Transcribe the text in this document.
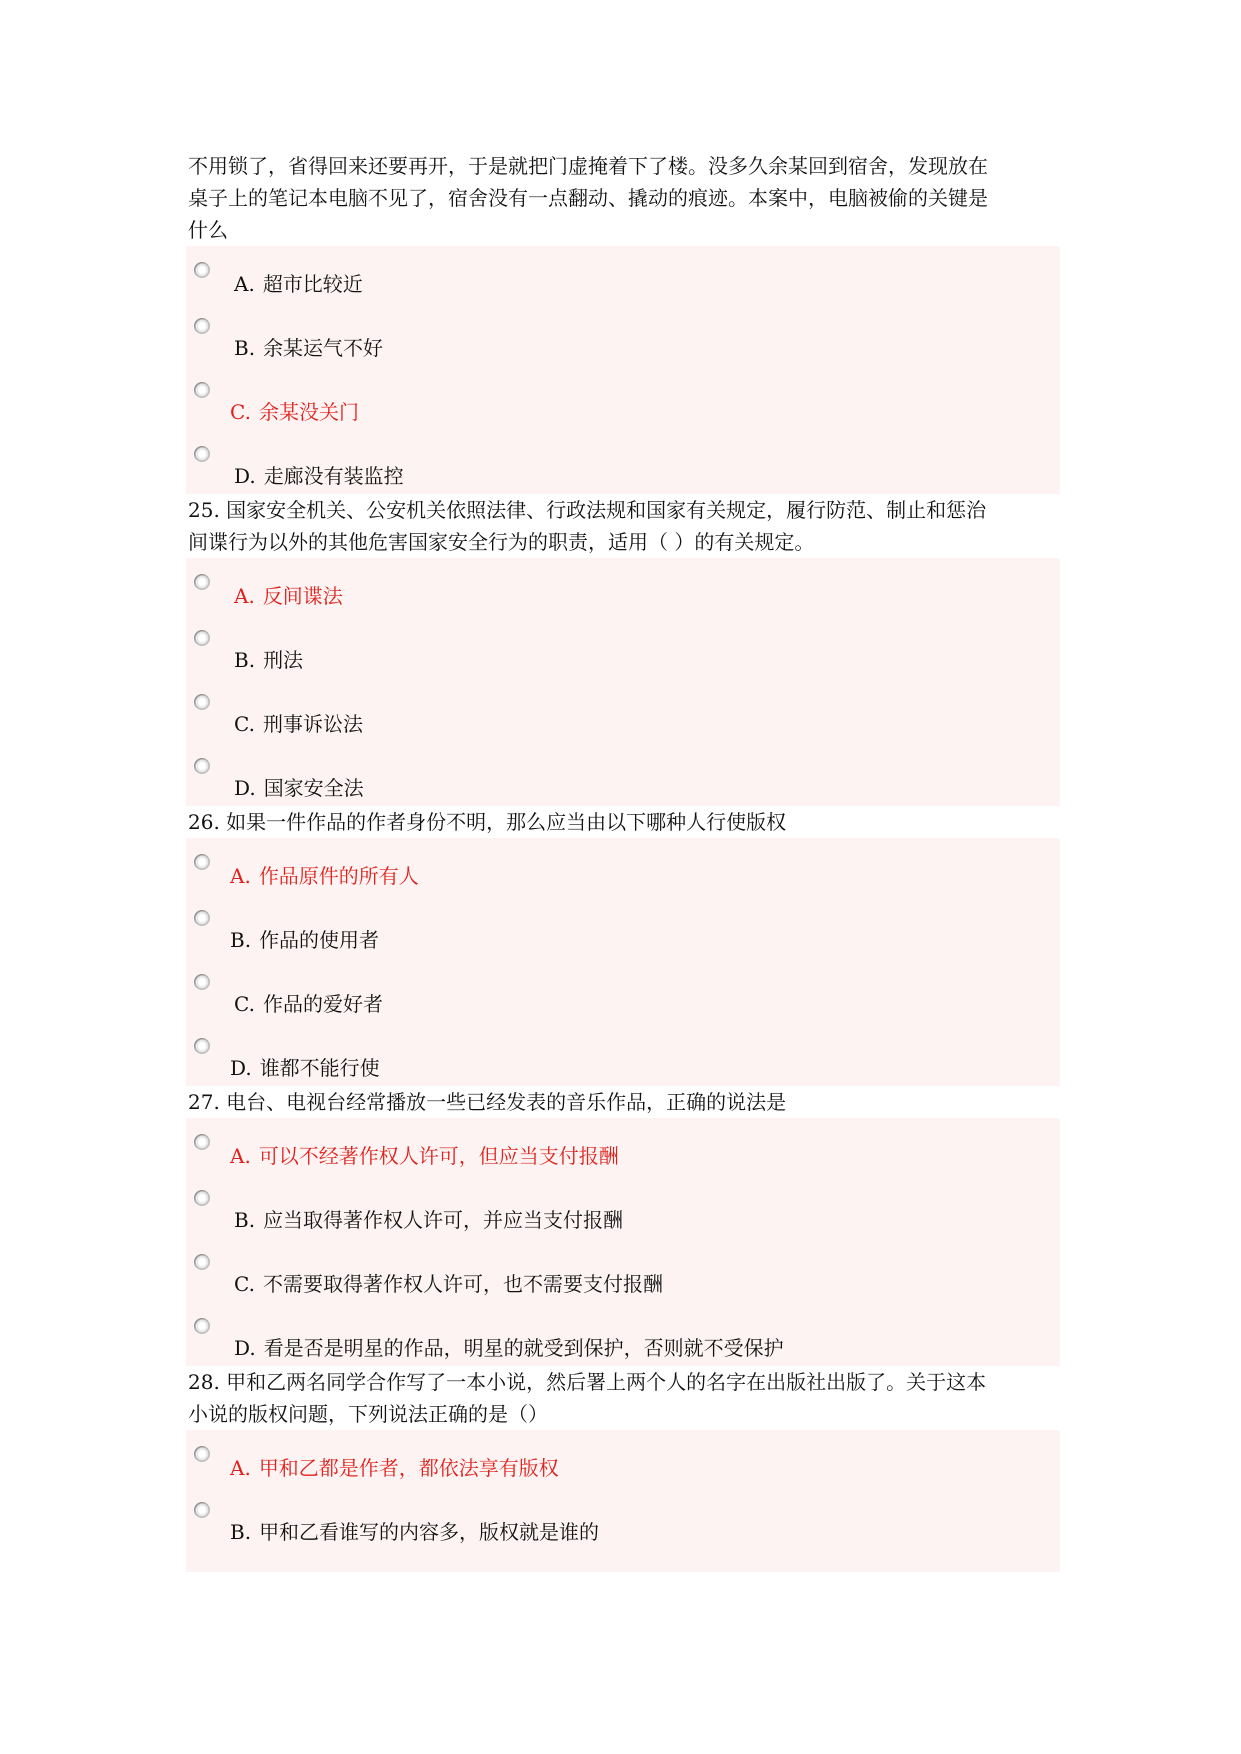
不用锁了，省得回来还要再开，于是就把门虚掩着下了楼。没多久余某回到宿舍，发现放在
桌子上的笔记本电脑不见了，宿舍没有一点翻动、撬动的痕迹。本案中，电脑被偷的关键是
什么

A. 超市比较近
B. 余某运气不好
C. 余某没关门
D. 走廊没有装监控

25. 国家安全机关、公安机关依照法律、行政法规和国家有关规定，履行防范、制止和惩治
间谍行为以外的其他危害国家安全行为的职责，适用（ ）的有关规定。

A. 反间谍法
B. 刑法
C. 刑事诉讼法
D. 国家安全法

26. 如果一件作品的作者身份不明，那么应当由以下哪种人行使版权

A. 作品原件的所有人
B. 作品的使用者
C. 作品的爱好者
D. 谁都不能行使

27. 电台、电视台经常播放一些已经发表的音乐作品，正确的说法是

A. 可以不经著作权人许可，但应当支付报酬
B. 应当取得著作权人许可，并应当支付报酬
C. 不需要取得著作权人许可，也不需要支付报酬
D. 看是否是明星的作品，明星的就受到保护，否则就不受保护

28. 甲和乙两名同学合作写了一本小说，然后署上两个人的名字在出版社出版了。关于这本
小说的版权问题，下列说法正确的是（）

A. 甲和乙都是作者，都依法享有版权
B. 甲和乙看谁写的内容多，版权就是谁的
